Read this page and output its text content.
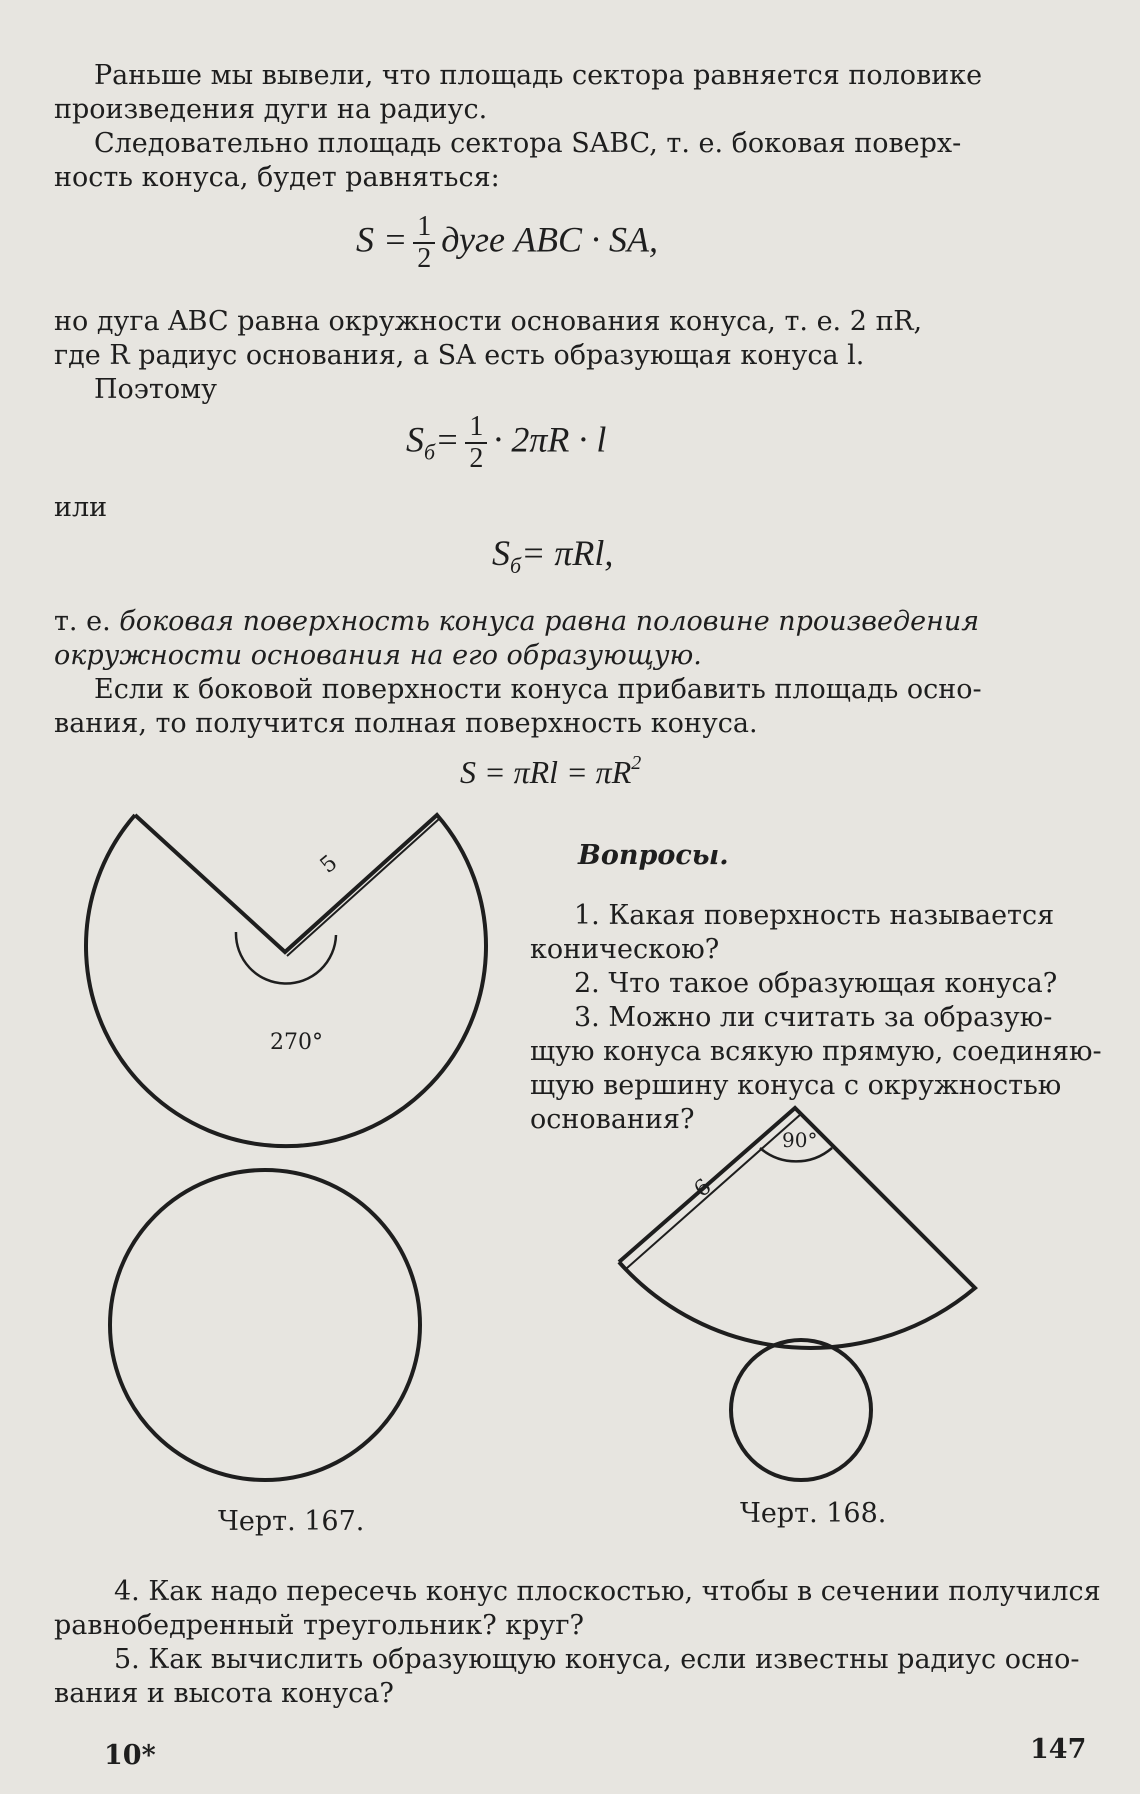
Раньше мы вывели, что площадь сектора равняется половике
произведения дуги на радиус.
Следовательно площадь сектора SABC, т. е. боковая поверх-
ность конуса, будет равняться:
$S = \frac{1}{2}$ дуге ABC · SA,
но дуга ABC равна окружности основания конуса, т. е. 2 πR,
где R радиус основания, а SA есть образующая конуса l.
Поэтому
$S_б= \frac{1}{2} \cdot 2\pi R \cdot l$
или
$S_б= \pi Rl$,
т. е. боковая поверхность конуса равна половине произведения
окружности основания на его образующую.
Если к боковой поверхности конуса прибавить площадь осно-
вания, то получится полная поверхность конуса.
$S = \pi Rl = \pi R^2$
5
270°
Черт. 167.
6
90°
Черт. 168.
Вопросы.
1. Какая поверхность называется
коническою?
2. Что такое образующая конуса?
3. Можно ли считать за образую-
щую конуса всякую прямую, соединяю-
щую вершину конуса с окружностью
основания?
4. Как надо пересечь конус плоскостью, чтобы в сечении получился
равнобедренный треугольник? круг?
5. Как вычислить образующую конуса, если известны радиус осно-
вания и высота конуса?
10*	147
